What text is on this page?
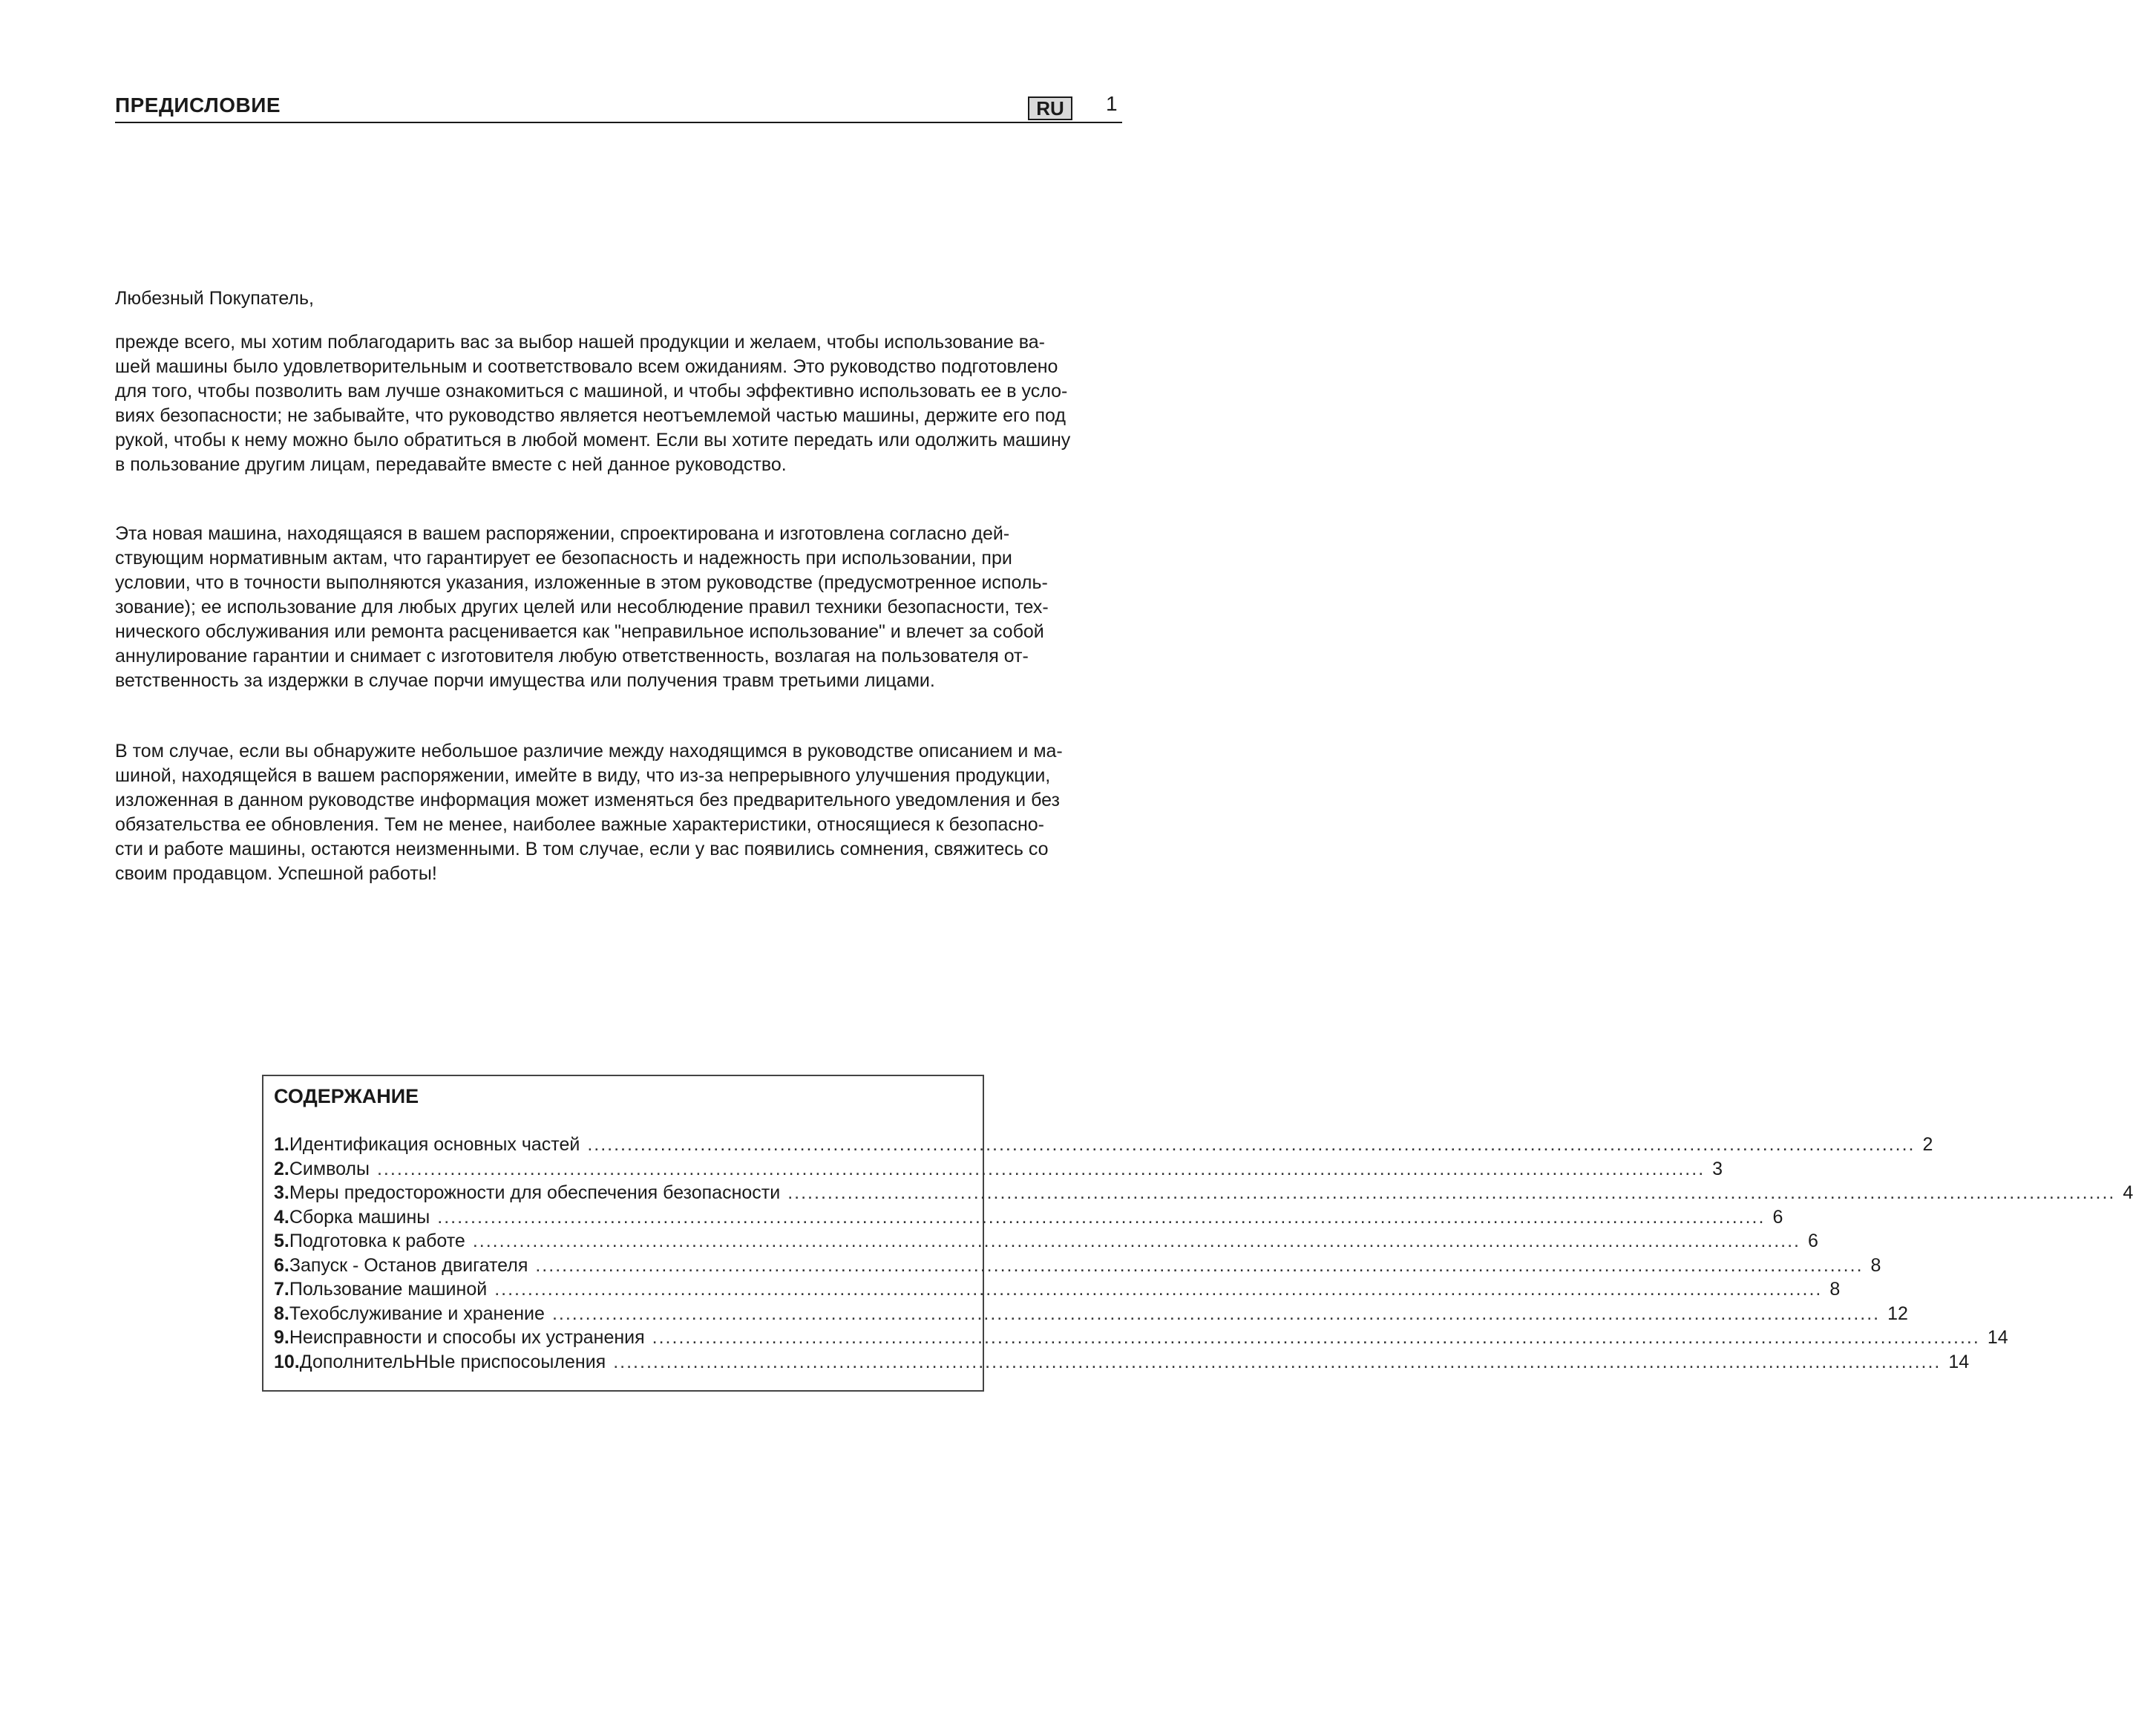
ПРЕДИСЛОВИЕ	RU	1

Любезный Покупатель,

прежде всего, мы хотим поблагодарить вас за выбор нашей продукции и желаем, чтобы использование ва-
шей машины было удовлетворительным и соответствовало всем ожиданиям. Это руководство подготовлено
для того, чтобы позволить вам лучше ознакомиться с машиной, и чтобы эффективно использовать ее в усло-
виях безопасности; не забывайте, что руководство является неотъемлемой частью машины, держите его под
рукой, чтобы к нему можно было обратиться в любой момент. Если вы хотите передать или одолжить машину
в пользование другим лицам, передавайте вместе с ней данное руководство.
Эта новая машина, находящаяся в вашем распоряжении, спроектирована и изготовлена согласно дей-
ствующим нормативным актам, что гарантирует ее безопасность и надежность при использовании, при
условии, что в точности выполняются указания, изложенные в этом руководстве (предусмотренное исполь-
зование); ее использование для любых других целей или несоблюдение правил техники безопасности, тех-
нического обслуживания или ремонта расценивается как "неправильное использование" и влечет за собой
аннулирование гарантии и снимает с изготовителя любую ответственность, возлагая на пользователя от-
ветственность за издержки в случае порчи имущества или получения травм третьими лицами.
В том случае, если вы обнаружите небольшое различие между находящимся в руководстве описанием и ма-
шиной, находящейся в вашем распоряжении, имейте в виду, что из-за непрерывного улучшения продукции,
изложенная в данном руководстве информация может изменяться без предварительного уведомления и без
обязательства ее обновления. Тем не менее, наиболее важные характеристики, относящиеся к безопасно-
сти и работе машины, остаются неизменными. В том случае, если у вас появились сомнения, свяжитесь со
своим продавцом. Успешной работы!
СОДЕРЖАНИЕ
1. Идентификация основных частей ........................................................................................................................................................................................................ 2
2. Символы ........................................................................................................................................................................................................ 3
3. Меры предосторожности для обеспечения безопасности ........................................................................................................................................................................................................ 4
4. Сборка машины ........................................................................................................................................................................................................ 6
5. Подготовка к работе ........................................................................................................................................................................................................ 6
6. Запуск - Останов двигателя ........................................................................................................................................................................................................ 8
7. Пользование машиной ........................................................................................................................................................................................................ 8
8. Техобслуживание и хранение ........................................................................................................................................................................................................ 12
9. Неисправности и способы их устранения ........................................................................................................................................................................................................ 14
10. ДополнителЬНЫе приспосоыления ........................................................................................................................................................................................................ 14
